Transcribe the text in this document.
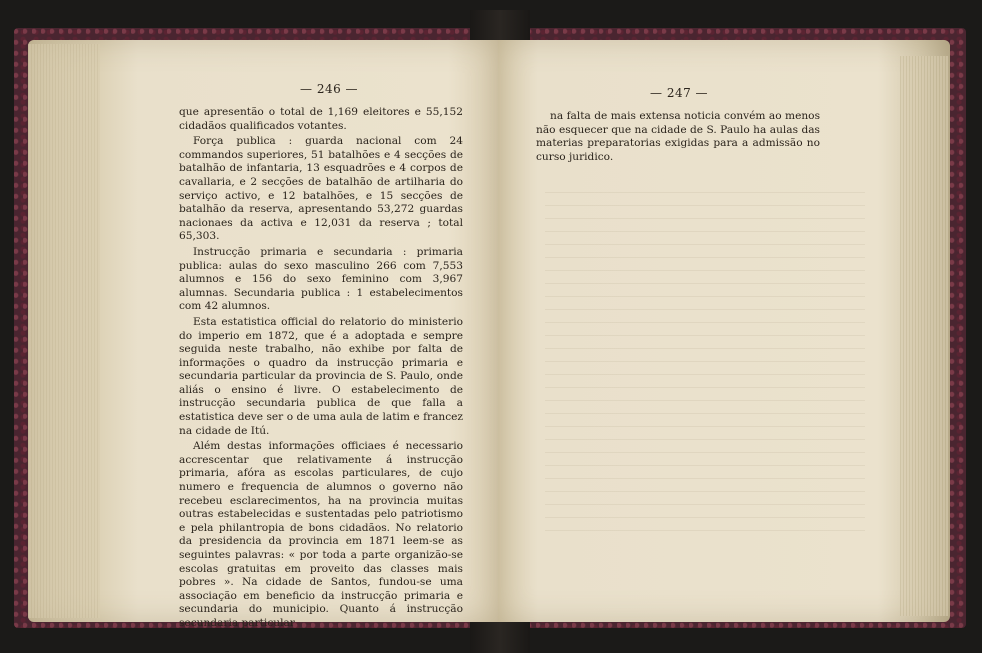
— 246 —

que apresentão o total de 1,169 eleitores e 55,152 cidadãos qualificados votantes.

Força publica : guarda nacional com 24 commandos superiores, 51 batalhões e 4 secções de batalhão de infantaria, 13 esquadrões e 4 corpos de cavallaria, e 2 secções de batalhão de artilharia do serviço activo, e 12 batalhões, e 15 secções de batalhão da reserva, apresentando 53,272 guardas nacionaes da activa e 12,031 da reserva ; total 65,303.

Instrucção primaria e secundaria : primaria publica: aulas do sexo masculino 266 com 7,553 alumnos e 156 do sexo feminino com 3,967 alumnas. Secundaria publica : 1 estabelecimentos com 42 alumnos.

Esta estatistica official do relatorio do ministerio do imperio em 1872, que é a adoptada e sempre seguida neste trabalho, não exhibe por falta de informações o quadro da instrucção primaria e secundaria particular da provincia de S. Paulo, onde aliás o ensino é livre. O estabelecimento de instrucção secundaria publica de que falla a estatistica deve ser o de uma aula de latim e francez na cidade de Itú.

Além destas informações officiaes é necessario accrescentar que relativamente á instrucção primaria, afóra as escolas particulares, de cujo numero e frequencia de alumnos o governo não recebeu esclarecimentos, ha na provincia muitas outras estabelecidas e sustentadas pelo patriotismo e pela philantropia de bons cidadãos. No relatorio da presidencia da provincia em 1871 leem-se as seguintes palavras: « por toda a parte organizão-se escolas gratuitas em proveito das classes mais pobres ». Na cidade de Santos, fundou-se uma associação em beneficio da instrucção primaria e secundaria do municipio. Quanto á instrucção secundaria particular

— 247 —

na falta de mais extensa noticia convém ao menos não esquecer que na cidade de S. Paulo ha aulas das materias preparatorias exigidas para a admissão no curso juridico.
